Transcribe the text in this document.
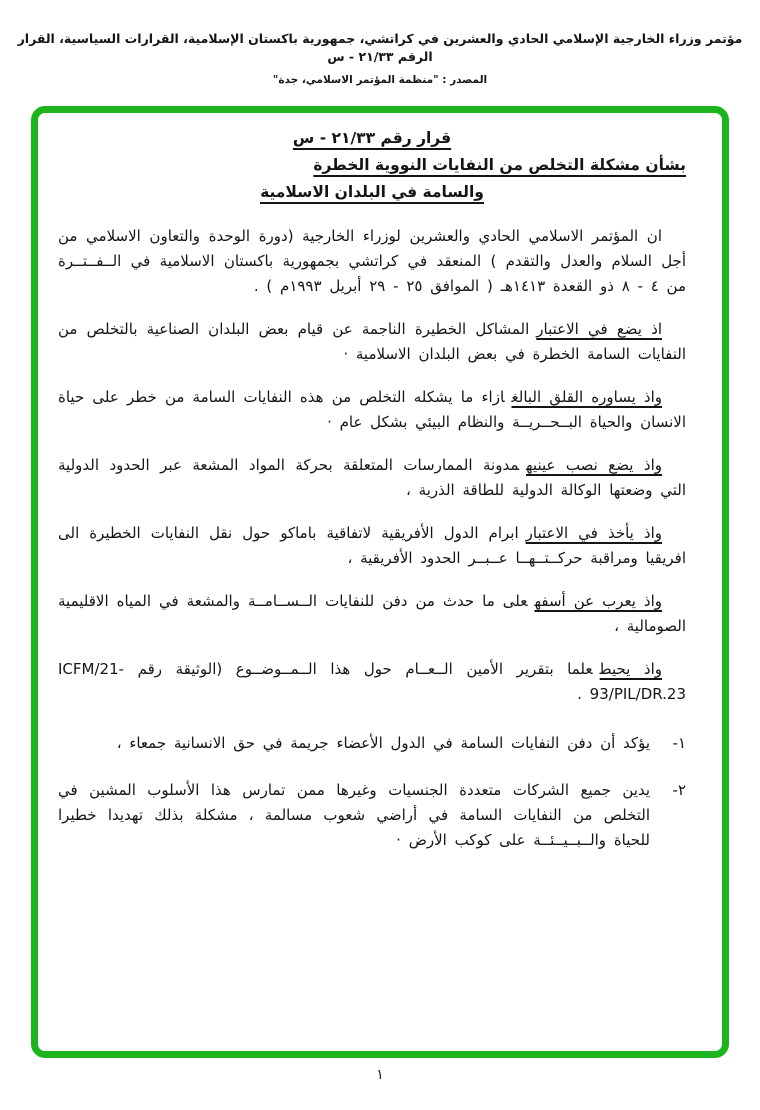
مؤتمر وزراء الخارجية الإسلامي الحادي والعشرين في كراتشي، جمهورية باكستان الإسلامية، القرارات السياسية، القرار الرقم ٢١/٣٣ - س
المصدر : "منظمة المؤتمر الاسلامي، جدة"
قرار رقم ٢١/٣٣ - س
بشأن مشكلة التخلص من النفايات النووية الخطرة
والسامة في البلدان الاسلامية

ان المؤتمر الاسلامي الحادي والعشرين لوزراء الخارجية (دورة الوحدة والتعاون الاسلامي من أجل السلام والعدل والتقدم ) المنعقد في كراتشي بجمهورية باكستان الاسلامية في الــفــتــرة من ٤ - ٨ ذو القعدة ١٤١٣هـ ( الموافق ٢٥ - ٢٩ أبريل ١٩٩٣م ) .

اذ يضع في الاعتبارالمشاكل الخطيرة الناجمة عن قيام بعض البلدان الصناعية بالتخلص من النفايات السامة الخطرة في بعض البلدان الاسلامية ·

واذ يساوره القلق البالغازاء ما يشكله التخلص من هذه النفايات السامة من خطر على حياة الانسان والحياة البــحــريــة والنظام البيئي بشكل عام ·

واذ يضع نصب عينيهمدونة الممارسات المتعلقة بحركة المواد المشعة عبر الحدود الدولية التي وضعتها الوكالة الدولية للطاقة الذرية ،

واذ يأخذ في الاعتبارابرام الدول الأفريقية لاتفاقية باماكو حول نقل النفايات الخطيرة الى افريقيا ومراقبة حركــتــهــا عــبــر الحدود الأفريقية ،

واذ يعرب عن أسفهعلى ما حدث من دفن للنفايات الــســامــة والمشعة في المياه الاقليمية الصومالية ،

واذ يحيطعلما بتقرير الأمين الــعــام حول هذا الــمــوضــوع (الوثيقة رقم ICFM/21-93/PIL/DR.23 .

١-
يؤكد أن دفن النفايات السامة في الدول الأعضاء جريمة في حق الانسانية جمعاء ،
٢-
يدين جميع الشركات متعددة الجنسيات وغيرها ممن تمارس هذا الأسلوب المشين في التخلص من النفايات السامة في أراضي شعوب مسالمة ، مشكلة بذلك تهديدا خطيرا للحياة والــبــيــئــة على كوكب الأرض ·
١
